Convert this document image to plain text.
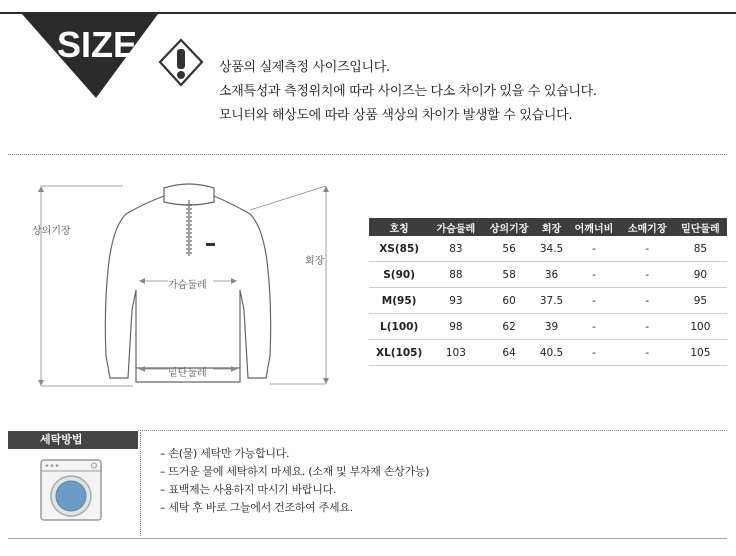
SIZE
상품의 실제측정 사이즈입니다.
소재특성과 측정위치에 따라 사이즈는 다소 차이가 있을 수 있습니다.
모니터와 해상도에 따라 상품 색상의 차이가 발생할 수 있습니다.
상의기장
가슴둘레
회장
밑단둘레
호칭	가슴둘레	상의기장	회장	어깨너비	소매기장	밑단둘레
XS(85)	83	56	34.5	-	-	85
S(90)	88	58	36	-	-	90
M(95)	93	60	37.5	-	-	95
L(100)	98	62	39	-	-	100
XL(105)	103	64	40.5	-	-	105
세탁방법	▸
– 손(물) 세탁만 가능합니다.
– 뜨거운 물에 세탁하지 마세요. (소재 및 부자재 손상가능)
– 표백제는 사용하지 마시기 바랍니다.
– 세탁 후 바로 그늘에서 건조하여 주세요.
